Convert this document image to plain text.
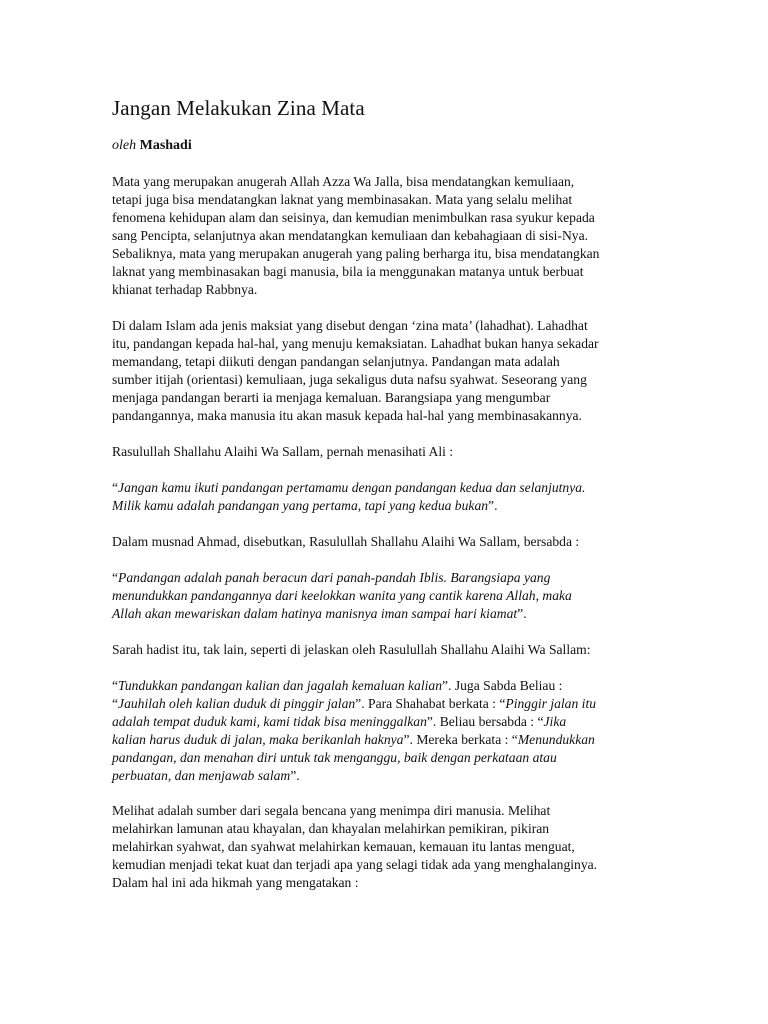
Jangan Melakukan Zina Mata
oleh Mashadi

Mata yang merupakan anugerah Allah Azza Wa Jalla, bisa mendatangkan kemuliaan,
tetapi juga bisa mendatangkan laknat yang membinasakan. Mata yang selalu melihat
fenomena kehidupan alam dan seisinya, dan kemudian menimbulkan rasa syukur kepada
sang Pencipta, selanjutnya akan mendatangkan kemuliaan dan kebahagiaan di sisi-Nya.
Sebaliknya, mata yang merupakan anugerah yang paling berharga itu, bisa mendatangkan
laknat yang membinasakan bagi manusia, bila ia menggunakan matanya untuk berbuat
khianat terhadap Rabbnya.

Di dalam Islam ada jenis maksiat yang disebut dengan ‘zina mata’ (lahadhat). Lahadhat
itu, pandangan kepada hal-hal, yang menuju kemaksiatan. Lahadhat bukan hanya sekadar
memandang, tetapi diikuti dengan pandangan selanjutnya. Pandangan mata adalah
sumber itijah (orientasi) kemuliaan, juga sekaligus duta nafsu syahwat. Seseorang yang
menjaga pandangan berarti ia menjaga kemaluan. Barangsiapa yang mengumbar
pandangannya, maka manusia itu akan masuk kepada hal-hal yang membinasakannya.

Rasulullah Shallahu Alaihi Wa Sallam, pernah menasihati Ali :

“Jangan kamu ikuti pandangan pertamamu dengan pandangan kedua dan selanjutnya.
Milik kamu adalah pandangan yang pertama, tapi yang kedua bukan”.

Dalam musnad Ahmad, disebutkan, Rasulullah Shallahu Alaihi Wa Sallam, bersabda :

“Pandangan adalah panah beracun dari panah-pandah Iblis. Barangsiapa yang
menundukkan pandangannya dari keelokkan wanita yang cantik karena Allah, maka
Allah akan mewariskan dalam hatinya manisnya iman sampai hari kiamat”.

Sarah hadist itu, tak lain, seperti di jelaskan oleh Rasulullah Shallahu Alaihi Wa Sallam:

“Tundukkan pandangan kalian dan jagalah kemaluan kalian”. Juga Sabda Beliau :
“Jauhilah oleh kalian duduk di pinggir jalan”. Para Shahabat berkata : “Pinggir jalan itu
adalah tempat duduk kami, kami tidak bisa meninggalkan”. Beliau bersabda : “Jika
kalian harus duduk di jalan, maka berikanlah haknya”. Mereka berkata : “Menundukkan
pandangan, dan menahan diri untuk tak menganggu, baik dengan perkataan atau
perbuatan, dan menjawab salam”.

Melihat adalah sumber dari segala bencana yang menimpa diri manusia. Melihat
melahirkan lamunan atau khayalan, dan khayalan melahirkan pemikiran, pikiran
melahirkan syahwat, dan syahwat melahirkan kemauan, kemauan itu lantas menguat,
kemudian menjadi tekat kuat dan terjadi apa yang selagi tidak ada yang menghalanginya.
Dalam hal ini ada hikmah yang mengatakan :
